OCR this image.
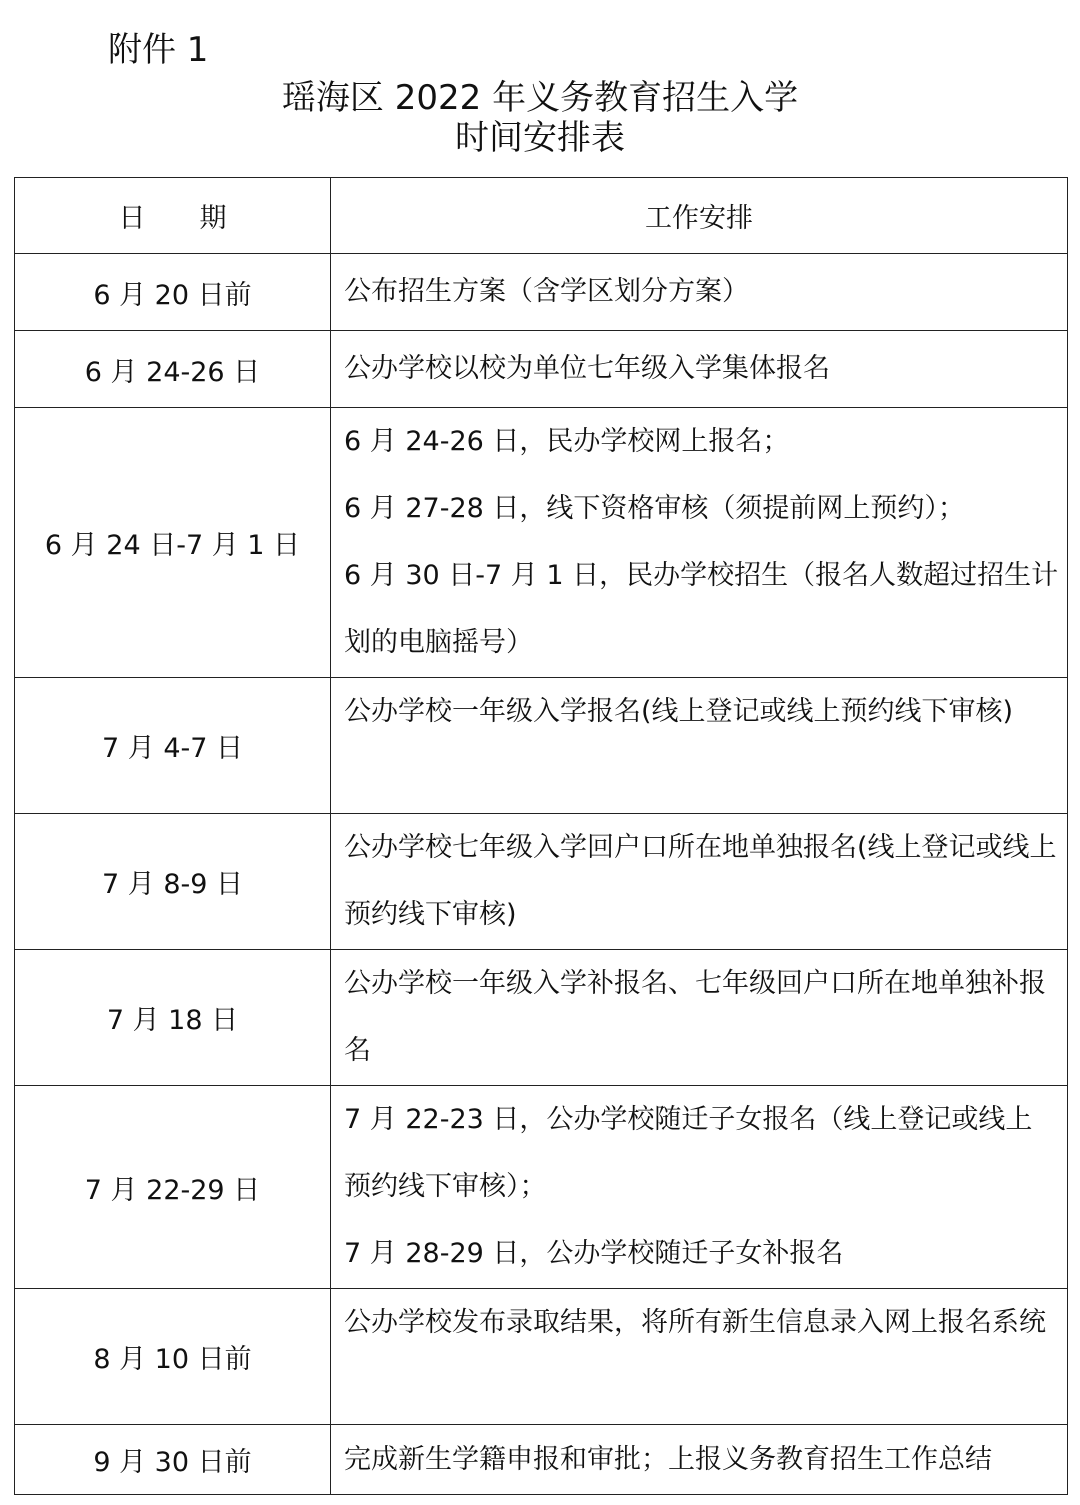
附件 1
瑶海区 2022 年义务教育招生入学
时间安排表
日　　期	工作安排
6 月 20 日前	公布招生方案（含学区划分方案）

6 月 24-26 日	公办学校以校为单位七年级入学集体报名

6 月 24 日-7 月 1 日	6 月 24-26 日，民办学校网上报名；
6 月 27-28 日，线下资格审核（须提前网上预约）；
6 月 30 日-7 月 1 日，民办学校招生（报名人数超过招生计划的电脑摇号）

7 月 4-7 日	公办学校一年级入学报名(线上登记或线上预约线下审核)

7 月 8-9 日	公办学校七年级入学回户口所在地单独报名(线上登记或线上预约线下审核)

7 月 18 日	公办学校一年级入学补报名、七年级回户口所在地单独补报名

7 月 22-29 日	7 月 22-23 日，公办学校随迁子女报名（线上登记或线上预约线下审核）；
7 月 28-29 日，公办学校随迁子女补报名

8 月 10 日前	公办学校发布录取结果，将所有新生信息录入网上报名系统

9 月 30 日前	完成新生学籍申报和审批；上报义务教育招生工作总结
